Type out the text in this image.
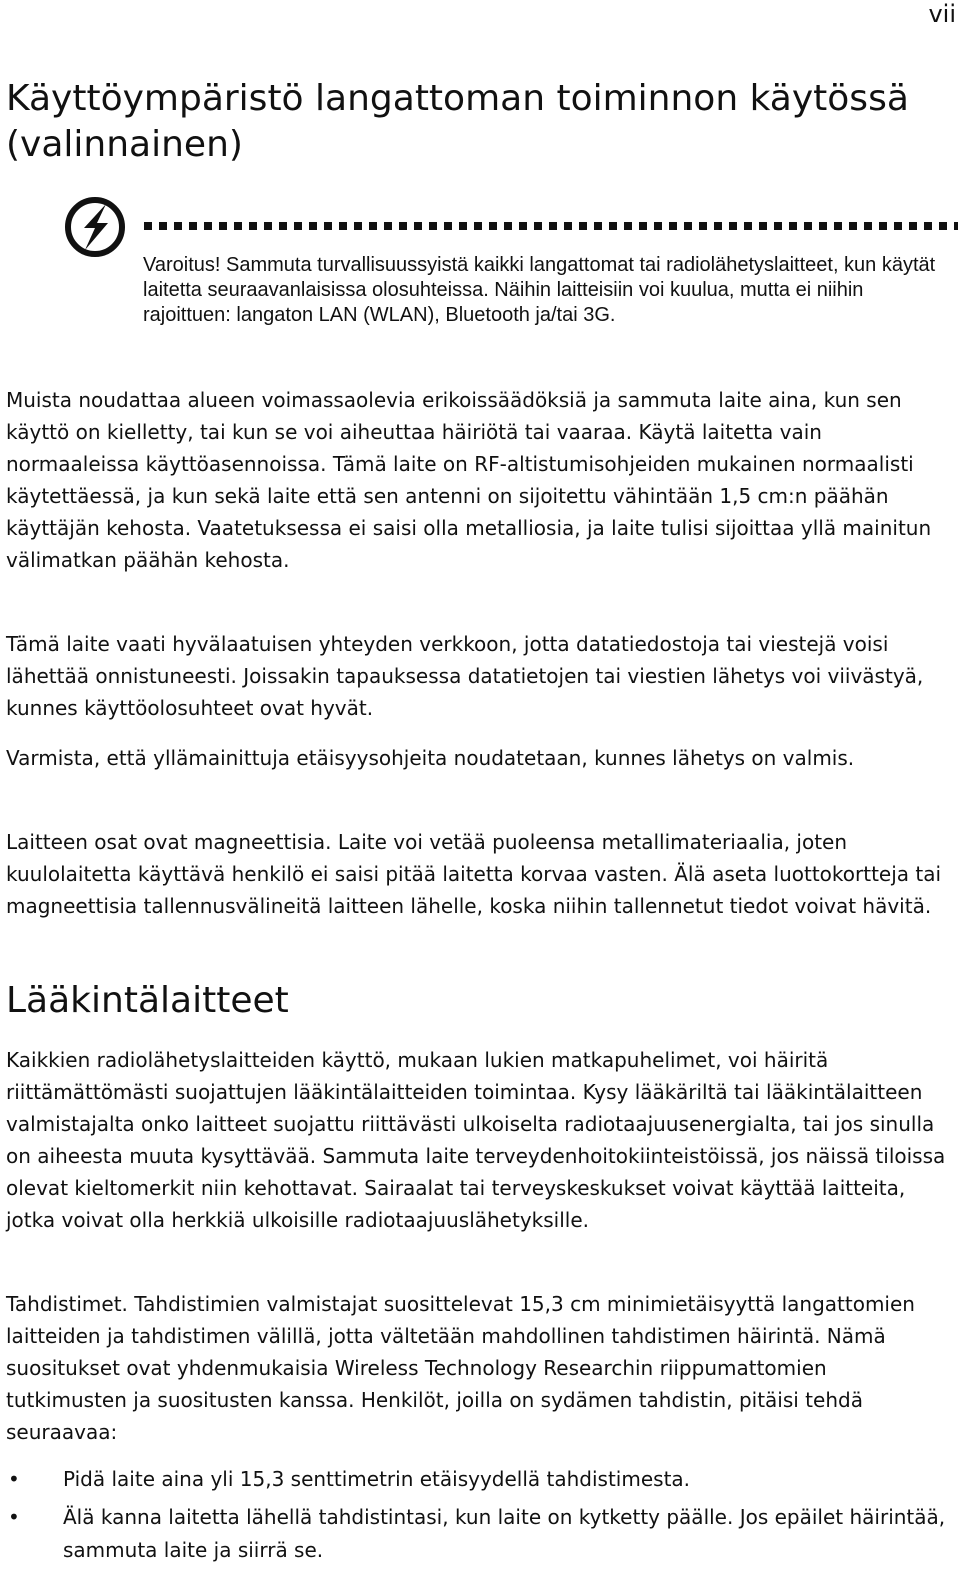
vii
Käyttöympäristö langattoman toiminnon käytössä (valinnainen)

Varoitus! Sammuta turvallisuussyistä kaikki langattomat tai radiolähetyslaitteet, kun käytät laitetta seuraavanlaisissa olosuhteissa. Näihin laitteisiin voi kuulua, mutta ei niihin rajoittuen: langaton LAN (WLAN), Bluetooth ja/tai 3G.

Muista noudattaa alueen voimassaolevia erikoissäädöksiä ja sammuta laite aina, kun sen käyttö on kielletty, tai kun se voi aiheuttaa häiriötä tai vaaraa. Käytä laitetta vain normaaleissa käyttöasennoissa. Tämä laite on RF-altistumisohjeiden mukainen normaalisti käytettäessä, ja kun sekä laite että sen antenni on sijoitettu vähintään 1,5 cm:n päähän käyttäjän kehosta. Vaatetuksessa ei saisi olla metalliosia, ja laite tulisi sijoittaa yllä mainitun välimatkan päähän kehosta.

Tämä laite vaati hyvälaatuisen yhteyden verkkoon, jotta datatiedostoja tai viestejä voisi lähettää onnistuneesti. Joissakin tapauksessa datatietojen tai viestien lähetys voi viivästyä, kunnes käyttöolosuhteet ovat hyvät.

Varmista, että yllämainittuja etäisyysohjeita noudatetaan, kunnes lähetys on valmis.

Laitteen osat ovat magneettisia. Laite voi vetää puoleensa metallimateriaalia, joten kuulolaitetta käyttävä henkilö ei saisi pitää laitetta korvaa vasten. Älä aseta luottokortteja tai magneettisia tallennusvälineitä laitteen lähelle, koska niihin tallennetut tiedot voivat hävitä.

Lääkintälaitteet

Kaikkien radiolähetyslaitteiden käyttö, mukaan lukien matkapuhelimet, voi häiritä riittämättömästi suojattujen lääkintälaitteiden toimintaa. Kysy lääkäriltä tai lääkintälaitteen valmistajalta onko laitteet suojattu riittävästi ulkoiselta radiotaajuusenergialta, tai jos sinulla on aiheesta muuta kysyttävää. Sammuta laite terveydenhoitokiinteistöissä, jos näissä tiloissa olevat kieltomerkit niin kehottavat. Sairaalat tai terveyskeskukset voivat käyttää laitteita, jotka voivat olla herkkiä ulkoisille radiotaajuuslähetyksille.

Tahdistimet. Tahdistimien valmistajat suosittelevat 15,3 cm minimietäisyyttä langattomien laitteiden ja tahdistimen välillä, jotta vältetään mahdollinen tahdistimen häirintä. Nämä suositukset ovat yhdenmukaisia Wireless Technology Researchin riippumattomien tutkimusten ja suositusten kanssa. Henkilöt, joilla on sydämen tahdistin, pitäisi tehdä seuraavaa:

• Pidä laite aina yli 15,3 senttimetrin etäisyydellä tahdistimesta.
• Älä kanna laitetta lähellä tahdistintasi, kun laite on kytketty päälle. Jos epäilet häirintää, sammuta laite ja siirrä se.
